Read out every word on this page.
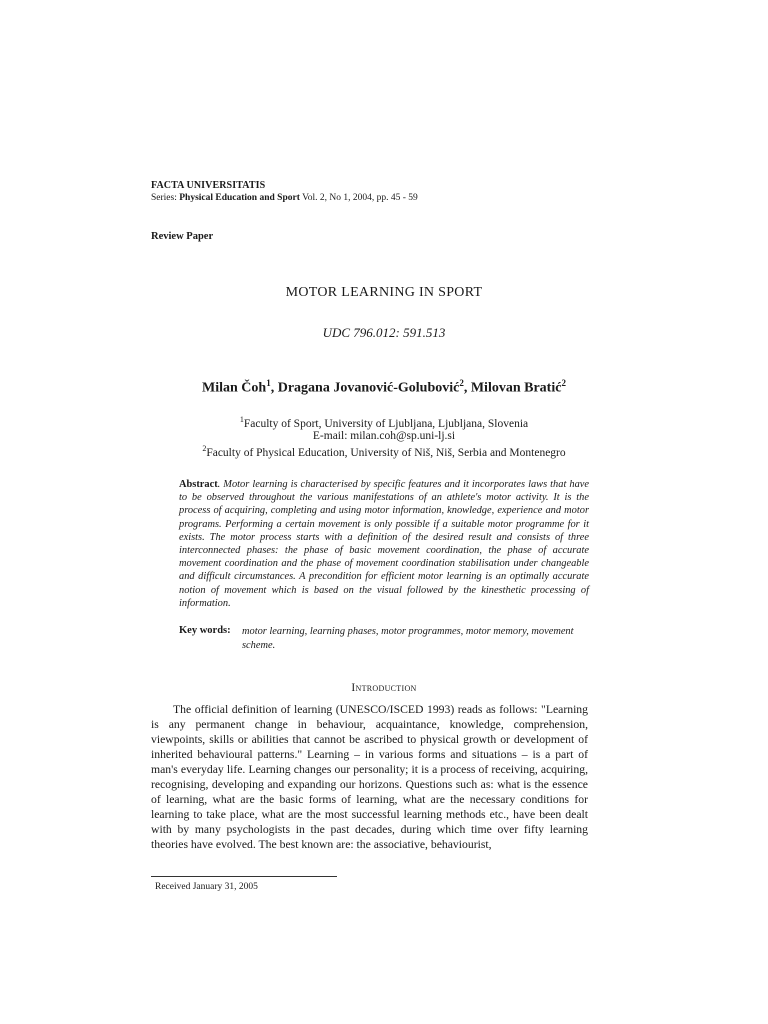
FACTA UNIVERSITATIS
Series: Physical Education and Sport Vol. 2, No 1, 2004, pp. 45 - 59
Review Paper
MOTOR LEARNING IN SPORT
UDC 796.012: 591.513
Milan Čoh$^1$, Dragana Jovanović-Golubović$^2$, Milovan Bratić$^2$
$^1$Faculty of Sport, University of Ljubljana, Ljubljana, Slovenia
E-mail: milan.coh@sp.uni-lj.si
$^2$Faculty of Physical Education, University of Niš, Niš, Serbia and Montenegro
Abstract. Motor learning is characterised by specific features and it incorporates laws that have to be observed throughout the various manifestations of an athlete's motor activity. It is the process of acquiring, completing and using motor information, knowledge, experience and motor programs. Performing a certain movement is only possible if a suitable motor programme for it exists. The motor process starts with a definition of the desired result and consists of three interconnected phases: the phase of basic movement coordination, the phase of accurate movement coordination and the phase of movement coordination stabilisation under changeable and difficult circumstances. A precondition for efficient motor learning is an optimally accurate notion of movement which is based on the visual followed by the kinesthetic processing of information.
Key words: motor learning, learning phases, motor programmes, motor memory, movement scheme.
Introduction
The official definition of learning (UNESCO/ISCED 1993) reads as follows: "Learning is any permanent change in behaviour, acquaintance, knowledge, comprehension, viewpoints, skills or abilities that cannot be ascribed to physical growth or development of inherited behavioural patterns." Learning – in various forms and situations – is a part of man's everyday life. Learning changes our personality; it is a process of receiving, acquiring, recognising, developing and expanding our horizons. Questions such as: what is the essence of learning, what are the basic forms of learning, what are the necessary conditions for learning to take place, what are the most successful learning methods etc., have been dealt with by many psychologists in the past decades, during which time over fifty learning theories have evolved. The best known are: the associative, behaviourist,
Received January 31, 2005
